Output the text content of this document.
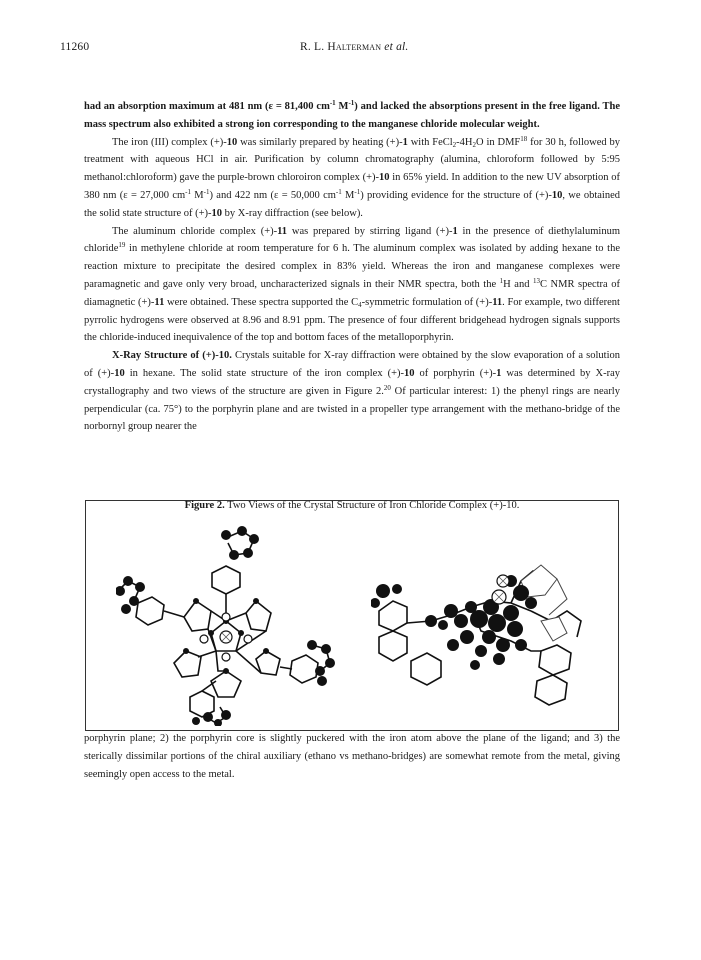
11260	R. L. Halterman et al.

had an absorption maximum at 481 nm (ε = 81,400 $cm^{-1}$ $M^{-1}$) and lacked the absorptions present in the free ligand. The mass spectrum also exhibited a strong ion corresponding to the manganese chloride molecular weight.

The iron (III) complex (+)-10 was similarly prepared by heating (+)-1 with $FeCl_2-4H_2O$ in DMF$^{18}$ for 30 h, followed by treatment with aqueous HCl in air. Purification by column chromatography (alumina, chloroform followed by 5:95 methanol:chloroform) gave the purple-brown chloroiron complex (+)-10 in 65% yield. In addition to the new UV absorption of 380 nm (ε = 27,000 $cm^{-1}$ $M^{-1}$) and 422 nm (ε = 50,000 $cm^{-1}$ $M^{-1}$) providing evidence for the structure of (+)-10, we obtained the solid state structure of (+)-10 by X-ray diffraction (see below).

The aluminum chloride complex (+)-11 was prepared by stirring ligand (+)-1 in the presence of diethylaluminum chloride$^{19}$ in methylene chloride at room temperature for 6 h. The aluminum complex was isolated by adding hexane to the reaction mixture to precipitate the desired complex in 83% yield. Whereas the iron and manganese complexes were paramagnetic and gave only very broad, uncharacterized signals in their NMR spectra, both the $^1$H and $^{13}$C NMR spectra of diamagnetic (+)-11 were obtained. These spectra supported the $C_4$-symmetric formulation of (+)-11. For example, two different pyrrolic hydrogens were observed at 8.96 and 8.91 ppm. The presence of four different bridgehead hydrogen signals supports the chloride-induced inequivalence of the top and bottom faces of the metalloporphyrin.

X-Ray Structure of (+)-10. Crystals suitable for X-ray diffraction were obtained by the slow evaporation of a solution of (+)-10 in hexane. The solid state structure of the iron complex (+)-10 of porphyrin (+)-1 was determined by X-ray crystallography and two views of the structure are given in Figure 2.20 Of particular interest: 1) the phenyl rings are nearly perpendicular (ca. 75°) to the porphyrin plane and are twisted in a propeller type arrangement with the methano-bridge of the norbornyl group nearer the

Figure 2. Two Views of the Crystal Structure of Iron Chloride Complex (+)-10.

porphyrin plane; 2) the porphyrin core is slightly puckered with the iron atom above the plane of the ligand; and 3) the sterically dissimilar portions of the chiral auxiliary (ethano vs methano-bridges) are somewhat remote from the metal, giving seemingly open access to the metal.
